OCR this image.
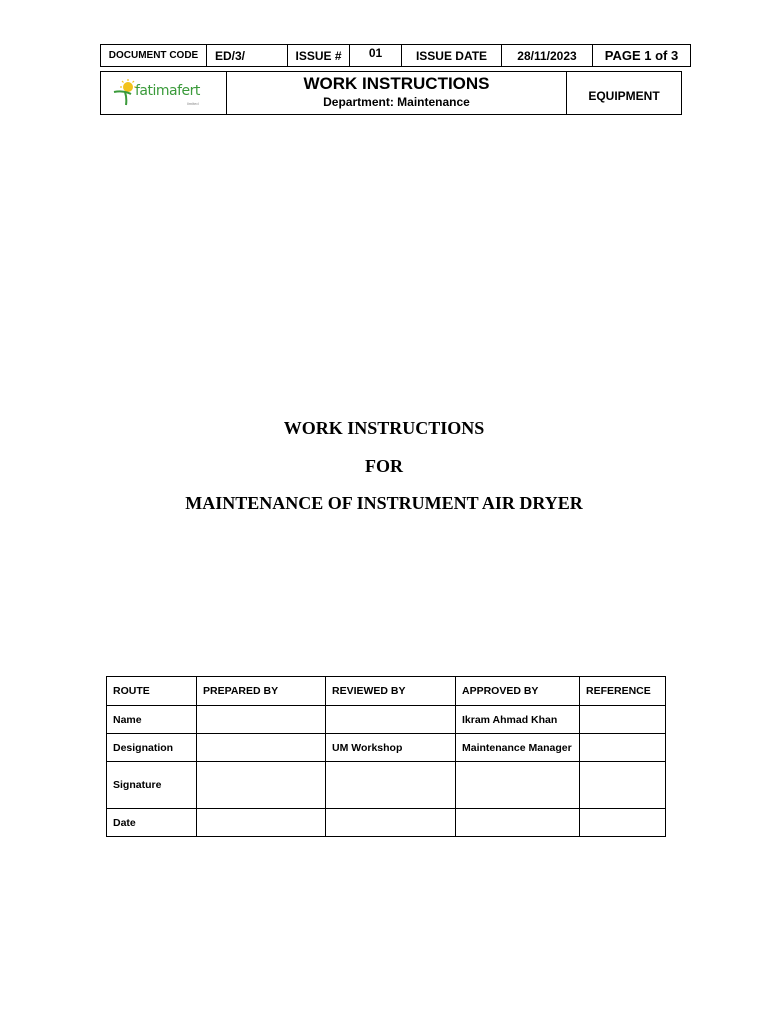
DOCUMENT CODE	ED/3/	ISSUE #	01	ISSUE DATE	28/11/2023	PAGE 1 of 3
fatimafert
limited

WORK INSTRUCTIONS
Department: Maintenance	EQUIPMENT
WORK INSTRUCTIONS
FOR
MAINTENANCE OF INSTRUMENT AIR DRYER
ROUTE	PREPARED BY	REVIEWED BY	APPROVED BY	REFERENCE
Name			Ikram Ahmad Khan	
Designation		UM Workshop	Maintenance Manager	
Signature				
Date				
